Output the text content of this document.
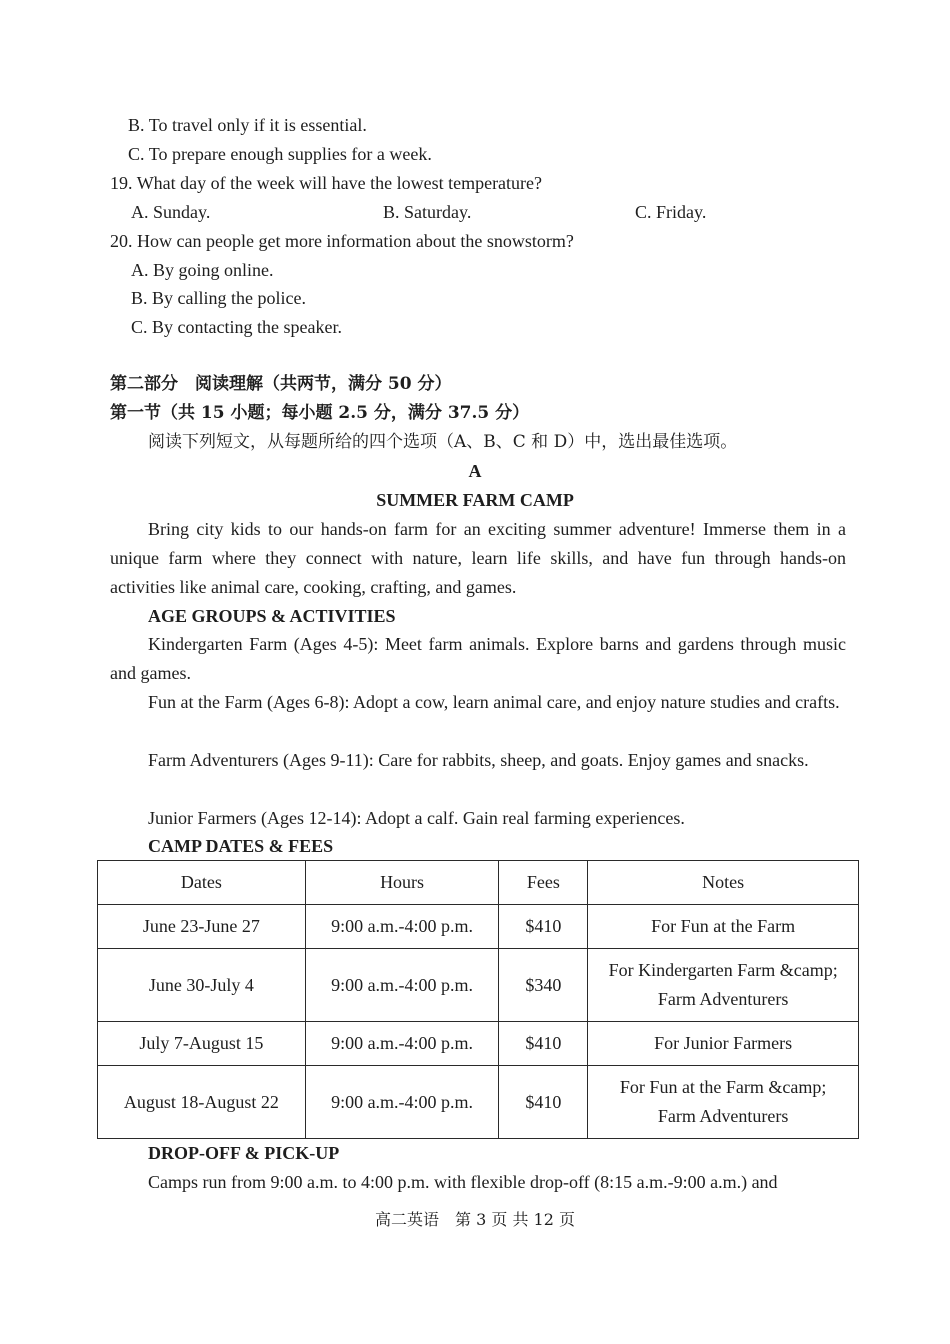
B. To travel only if it is essential.
C. To prepare enough supplies for a week.
19. What day of the week will have the lowest temperature?
A. Sunday.	B. Saturday.	C. Friday.
20. How can people get more information about the snowstorm?
A. By going online.
B. By calling the police.
C. By contacting the speaker.
第二部分　阅读理解（共两节，满分 50 分）
第一节（共 15 小题；每小题 2.5 分，满分 37.5 分）
阅读下列短文，从每题所给的四个选项（A、B、C 和 D）中，选出最佳选项。
A
SUMMER FARM CAMP
Bring city kids to our hands-on farm for an exciting summer adventure! Immerse them in a unique farm where they connect with nature, learn life skills, and have fun through hands-on activities like animal care, cooking, crafting, and games.
AGE GROUPS & ACTIVITIES
Kindergarten Farm (Ages 4-5): Meet farm animals. Explore barns and gardens through music and games.
Fun at the Farm (Ages 6-8): Adopt a cow, learn animal care, and enjoy nature studies and crafts.
Farm Adventurers (Ages 9-11): Care for rabbits, sheep, and goats. Enjoy games and snacks.
Junior Farmers (Ages 12-14): Adopt a calf. Gain real farming experiences.
CAMP DATES & FEES
Dates	Hours	Fees	Notes
June 23-June 27	9:00 a.m.-4:00 p.m.	$410	For Fun at the Farm

June 30-July 4	9:00 a.m.-4:00 p.m.	$340	For Kindergarten Farm &camp;
Farm Adventurers

July 7-August 15	9:00 a.m.-4:00 p.m.	$410	For Junior Farmers

August 18-August 22	9:00 a.m.-4:00 p.m.	$410	For Fun at the Farm &camp;
Farm Adventurers
DROP-OFF & PICK-UP
Camps run from 9:00 a.m. to 4:00 p.m. with flexible drop-off (8:15 a.m.-9:00 a.m.) and
高二英语　第 3 页 共 12 页
